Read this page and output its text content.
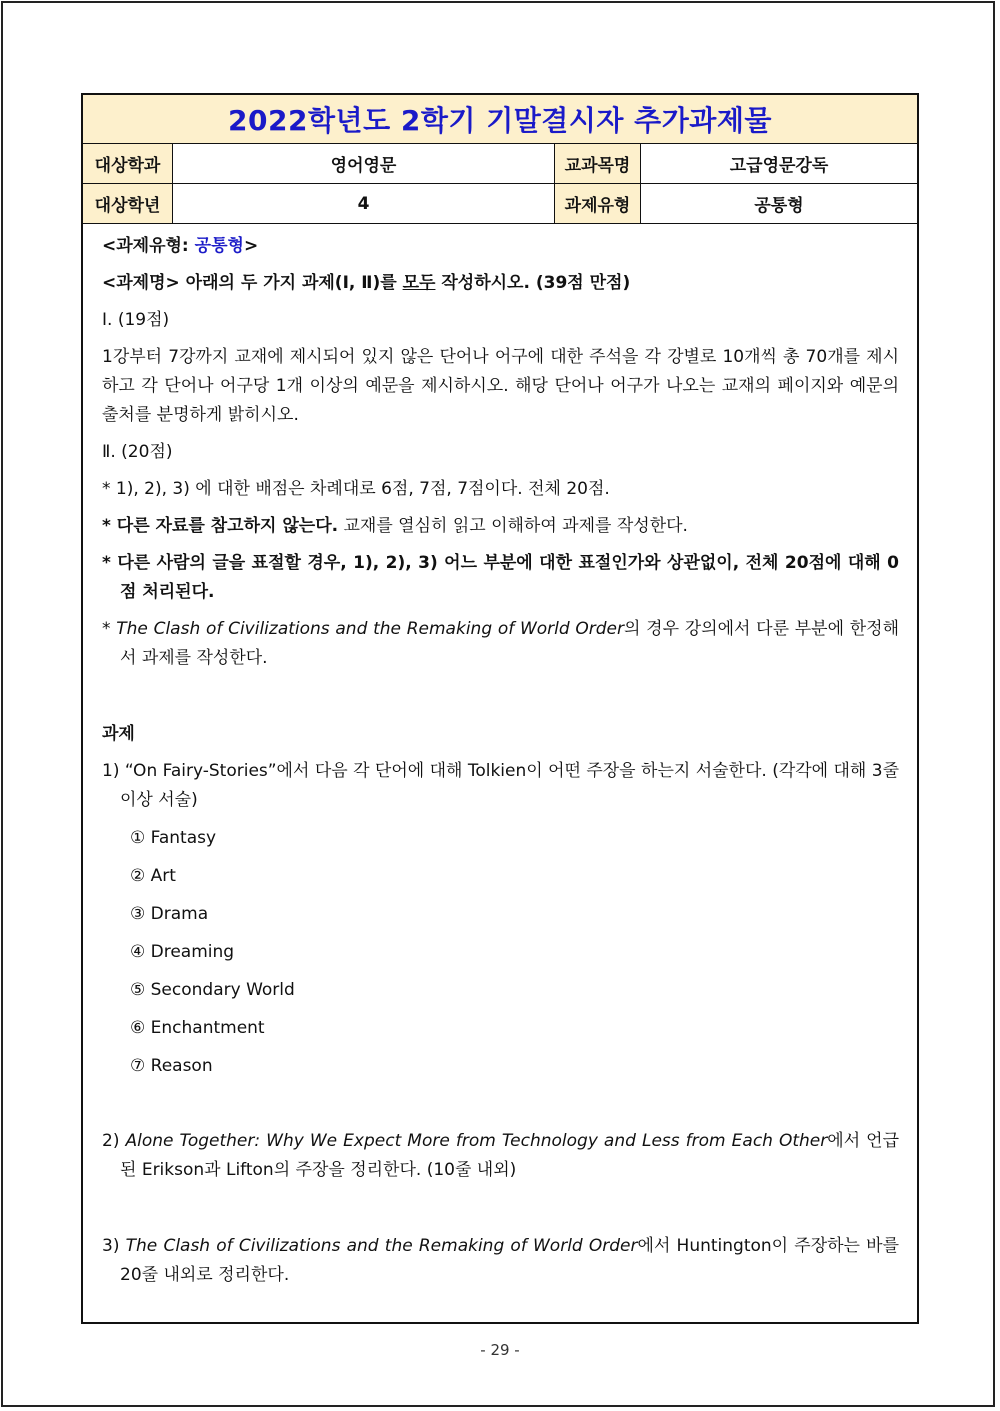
2022학년도 2학기 기말결시자 추가과제물
대상학과	영어영문	교과목명	고급영문강독
대상학년	4	과제유형	공통형

<과제유형: 공통형>

<과제명> 아래의 두 가지 과제(Ⅰ, Ⅱ)를 모두 작성하시오. (39점 만점)

Ⅰ. (19점)

1강부터 7강까지 교재에 제시되어 있지 않은 단어나 어구에 대한 주석을 각 강별로 10개씩 총 70개를 제시하고 각 단어나 어구당 1개 이상의 예문을 제시하시오. 해당 단어나 어구가 나오는 교재의 페이지와 예문의 출처를 분명하게 밝히시오.

Ⅱ. (20점)

* 1), 2), 3) 에 대한 배점은 차례대로 6점, 7점, 7점이다. 전체 20점.

* 다른 자료를 참고하지 않는다. 교재를 열심히 읽고 이해하여 과제를 작성한다.

* 다른 사람의 글을 표절할 경우, 1), 2), 3) 어느 부분에 대한 표절인가와 상관없이, 전체 20점에 대해 0점 처리된다.

* The Clash of Civilizations and the Remaking of World Order의 경우 강의에서 다룬 부분에 한정해서 과제를 작성한다.

과제

1) “On Fairy-Stories”에서 다음 각 단어에 대해 Tolkien이 어떤 주장을 하는지 서술한다. (각각에 대해 3줄 이상 서술)

① Fantasy

② Art

③ Drama

④ Dreaming

⑤ Secondary World

⑥ Enchantment

⑦ Reason

2) Alone Together: Why We Expect More from Technology and Less from Each Other에서 언급된 Erikson과 Lifton의 주장을 정리한다. (10줄 내외)

3) The Clash of Civilizations and the Remaking of World Order에서 Huntington이 주장하는 바를 20줄 내외로 정리한다.

- 29 -
